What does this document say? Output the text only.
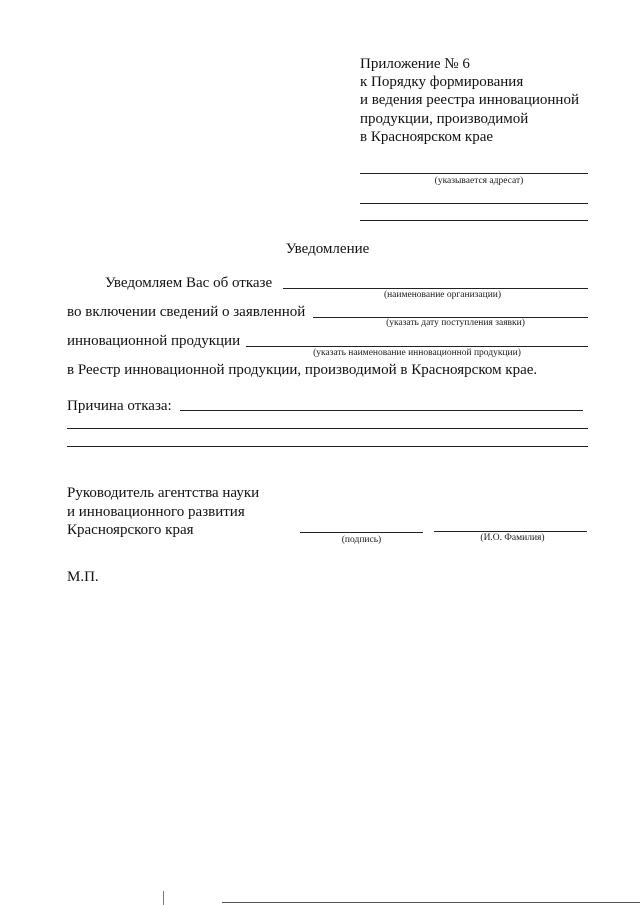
Приложение № 6
к Порядку формирования
и ведения реестра инновационной
продукции, производимой
в Красноярском крае
(указывается адресат)
Уведомление
Уведомляем Вас об отказе
(наименование организации)
во включении сведений о заявленной
(указать дату поступления заявки)
инновационной продукции
(указать наименование инновационной продукции)
в Реестр инновационной продукции, производимой в Красноярском крае.
Причина отказа:
Руководитель агентства науки
и инновационного развития
Красноярского края
(подпись)	(И.О. Фамилия)
М.П.
